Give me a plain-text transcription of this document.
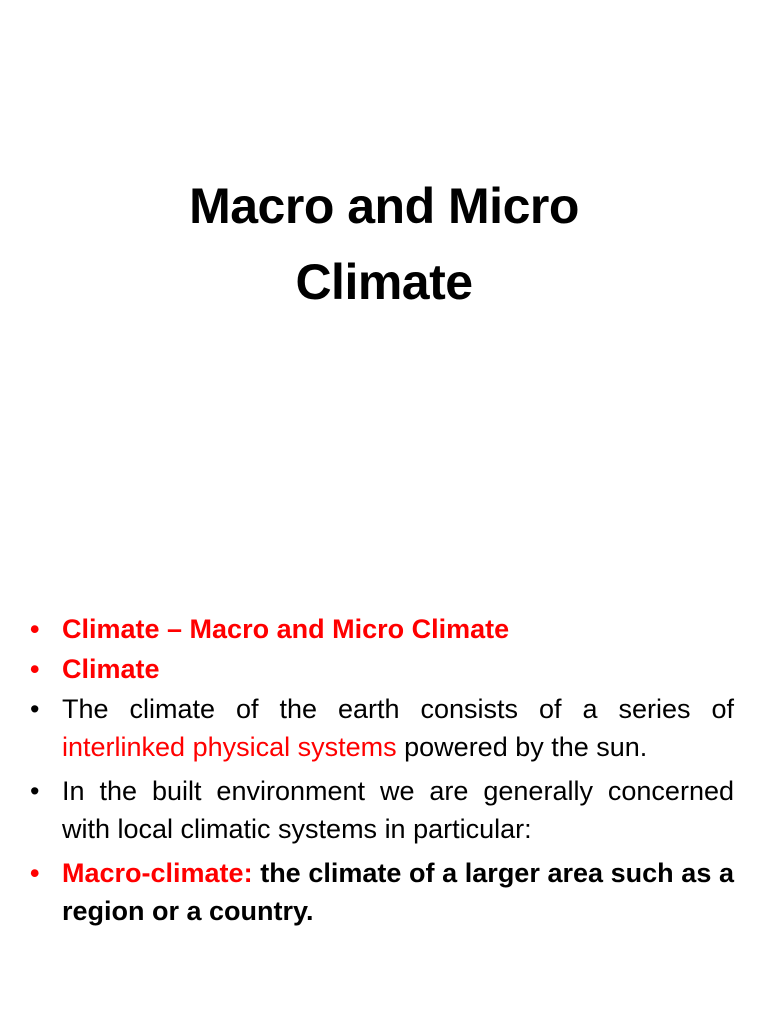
Macro and Micro
Climate
• Climate – Macro and Micro Climate
• Climate
• The climate of the earth consists of a series of interlinked physical systems powered by the sun.
• In the built environment we are generally concerned with local climatic systems in particular:
• Macro-climate: the climate of a larger area such as a region or a country.
